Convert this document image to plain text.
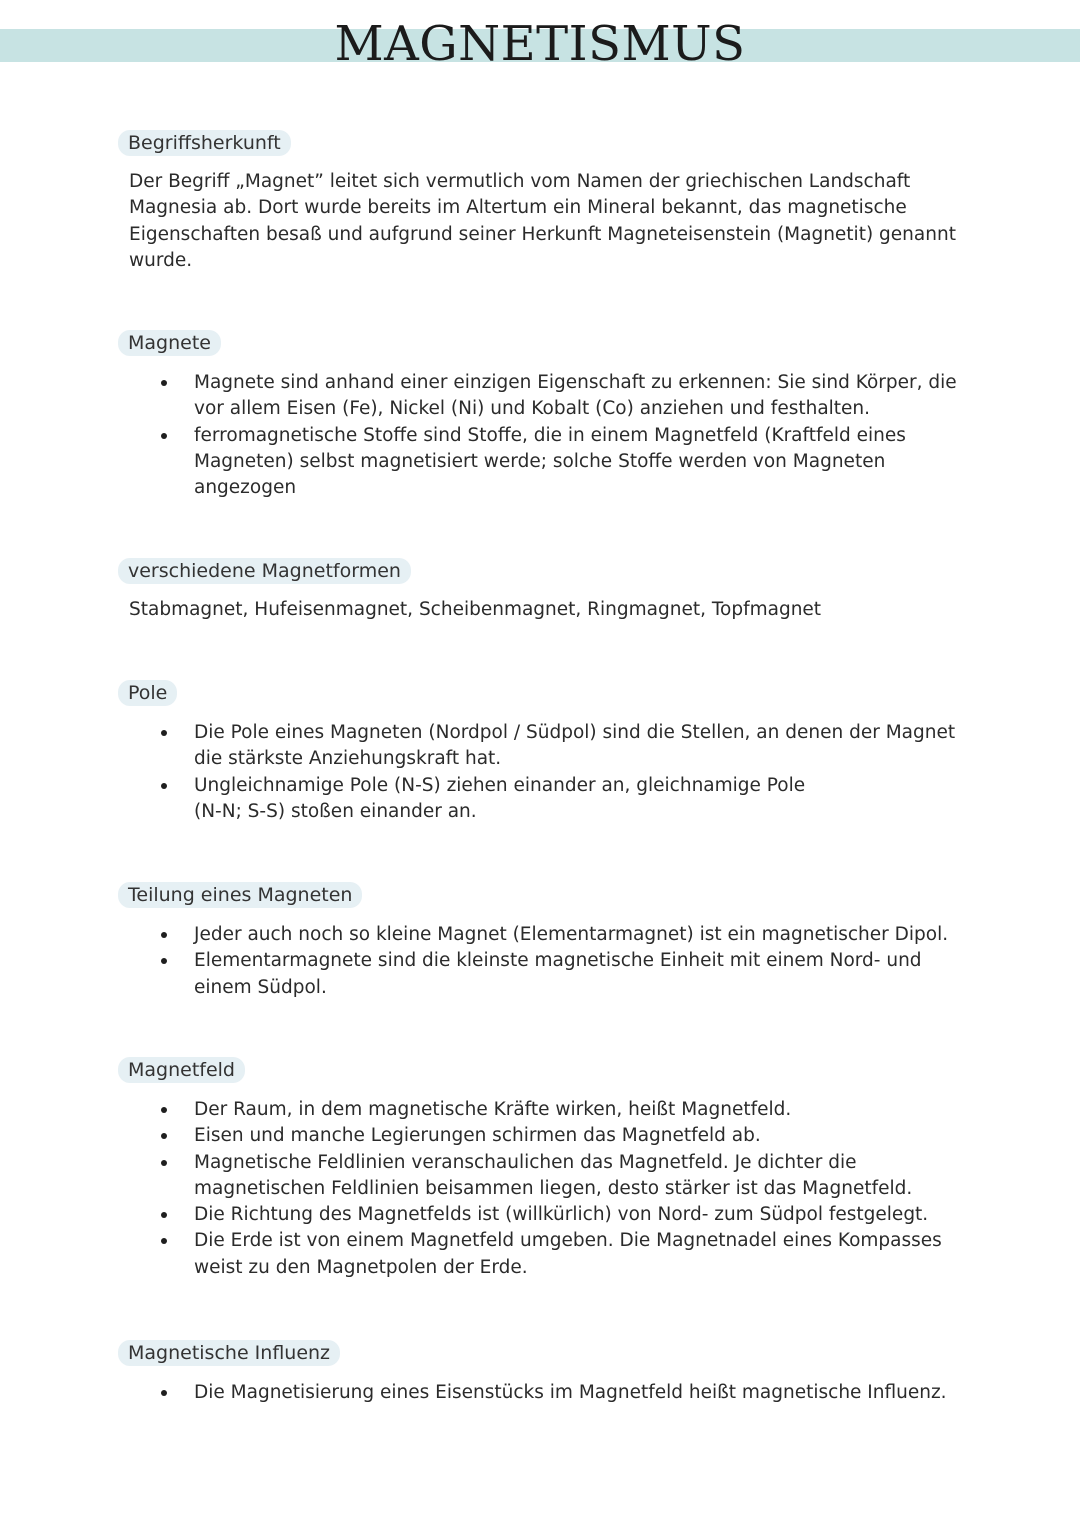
MAGNETISMUS
Begriffsherkunft

Der Begriff „Magnet” leitet sich vermutlich vom Namen der griechischen Landschaft Magnesia ab. Dort wurde bereits im Altertum ein Mineral bekannt, das magnetische Eigenschaften besaß und aufgrund seiner Herkunft Magneteisenstein (Magnetit) genannt wurde.

Magnete
Magnete sind anhand einer einzigen Eigenschaft zu erkennen: Sie sind Körper, die vor allem Eisen (Fe), Nickel (Ni) und Kobalt (Co) anziehen und festhalten.
ferromagnetische Stoffe sind Stoffe, die in einem Magnetfeld (Kraftfeld eines Magneten) selbst magnetisiert werde; solche Stoffe werden von Magneten angezogen
verschiedene Magnetformen

Stabmagnet, Hufeisenmagnet, Scheibenmagnet, Ringmagnet, Topfmagnet

Pole
Die Pole eines Magneten (Nordpol / Südpol) sind die Stellen, an denen der Magnet die stärkste Anziehungskraft hat.
Ungleichnamige Pole (N-S) ziehen einander an, gleichnamige Pole (N-N; S-S) stoßen einander an.
Teilung eines Magneten
Jeder auch noch so kleine Magnet (Elementarmagnet) ist ein magnetischer Dipol.
Elementarmagnete sind die kleinste magnetische Einheit mit einem Nord- und einem Südpol.
Magnetfeld
Der Raum, in dem magnetische Kräfte wirken, heißt Magnetfeld.
Eisen und manche Legierungen schirmen das Magnetfeld ab.
Magnetische Feldlinien veranschaulichen das Magnetfeld. Je dichter die magnetischen Feldlinien beisammen liegen, desto stärker ist das Magnetfeld.
Die Richtung des Magnetfelds ist (willkürlich) von Nord- zum Südpol festgelegt.
Die Erde ist von einem Magnetfeld umgeben. Die Magnetnadel eines Kompasses weist zu den Magnetpolen der Erde.
Magnetische Influenz
Die Magnetisierung eines Eisenstücks im Magnetfeld heißt magnetische Influenz.
